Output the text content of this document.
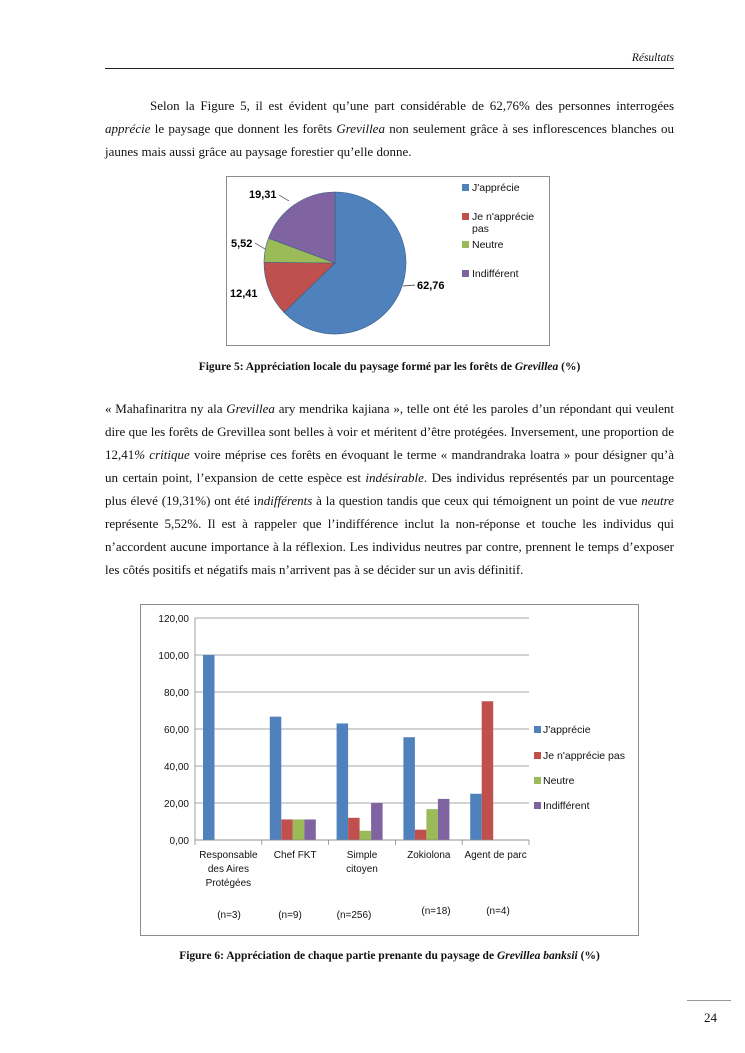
Résultats

Selon la Figure 5, il est évident qu’une part considérable de 62,76% des personnes interrogées apprécie le paysage que donnent les forêts Grevillea non seulement grâce à ses inflorescences blanches ou jaunes mais aussi grâce au paysage forestier qu’elle donne.

62,76
12,41
5,52
19,31
J'apprécie
Je n'apprécie
pas
Neutre
Indifférent
Figure 5: Appréciation locale du paysage formé par les forêts de Grevillea (%)

« Mahafinaritra ny ala Grevillea ary mendrika kajiana », telle ont été les paroles d’un répondant qui veulent dire que les forêts de Grevillea sont belles à voir et méritent d’être protégées. Inversement, une proportion de 12,41% critique voire méprise ces forêts en évoquant le terme « mandrandraka loatra » pour désigner qu’à un certain point, l’expansion de cette espèce est indésirable. Des individus représentés par un pourcentage plus élevé (19,31%) ont été indifférents à la question tandis que ceux qui témoignent un point de vue neutre représente 5,52%. Il est à rappeler que l’indifférence inclut la non-réponse et touche les individus qui n’accordent aucune importance à la réflexion. Les individus neutres par contre, prennent le temps d’exposer les côtés positifs et négatifs mais n’arrivent pas à se décider sur un avis définitif.

0,00
20,00
40,00
60,00
80,00
100,00
120,00
Responsable
des Aires
Protégées
Chef FKT	Simple
citoyen
Zokiolona Agent de parc
(n=3)	(n=9)	(n=256)	(n=18)	(n=4)
J'apprécie
Je n'apprécie pas
Neutre
Indifférent
Figure 6: Appréciation de chaque partie prenante du paysage de Grevillea banksii (%)
24
